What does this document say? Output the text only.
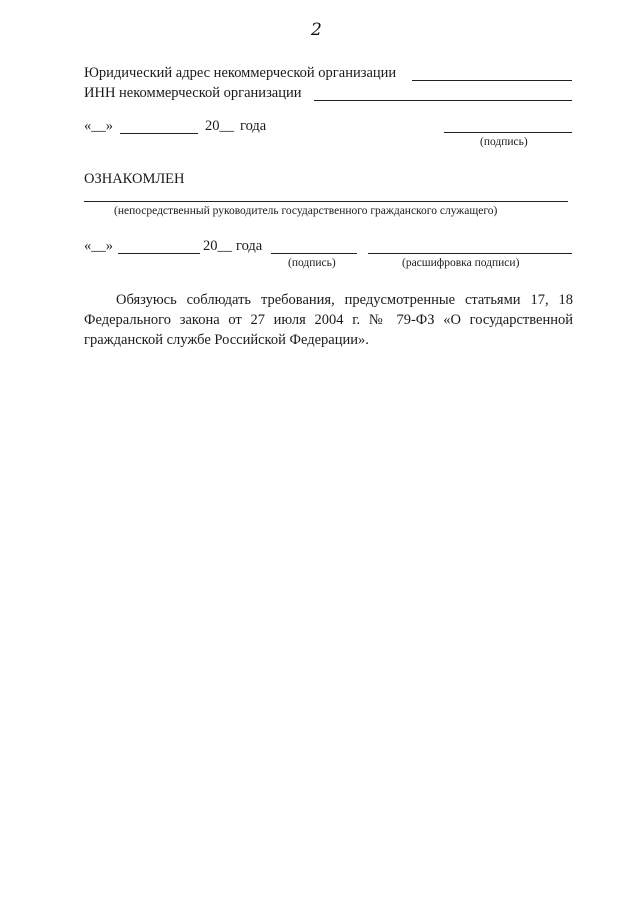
2
Юридический адрес некоммерческой организации
ИНН некоммерческой организации
«__»	20__ года
(подпись)
ОЗНАКОМЛЕН
(непосредственный руководитель государственного гражданского служащего)
«__»	20__ года
(подпись)	(расшифровка подписи)
Обязуюсь соблюдать требования, предусмотренные статьями 17, 18 Федерального закона от 27 июля 2004 г. № 79-ФЗ «О государственной гражданской службе Российской Федерации».
